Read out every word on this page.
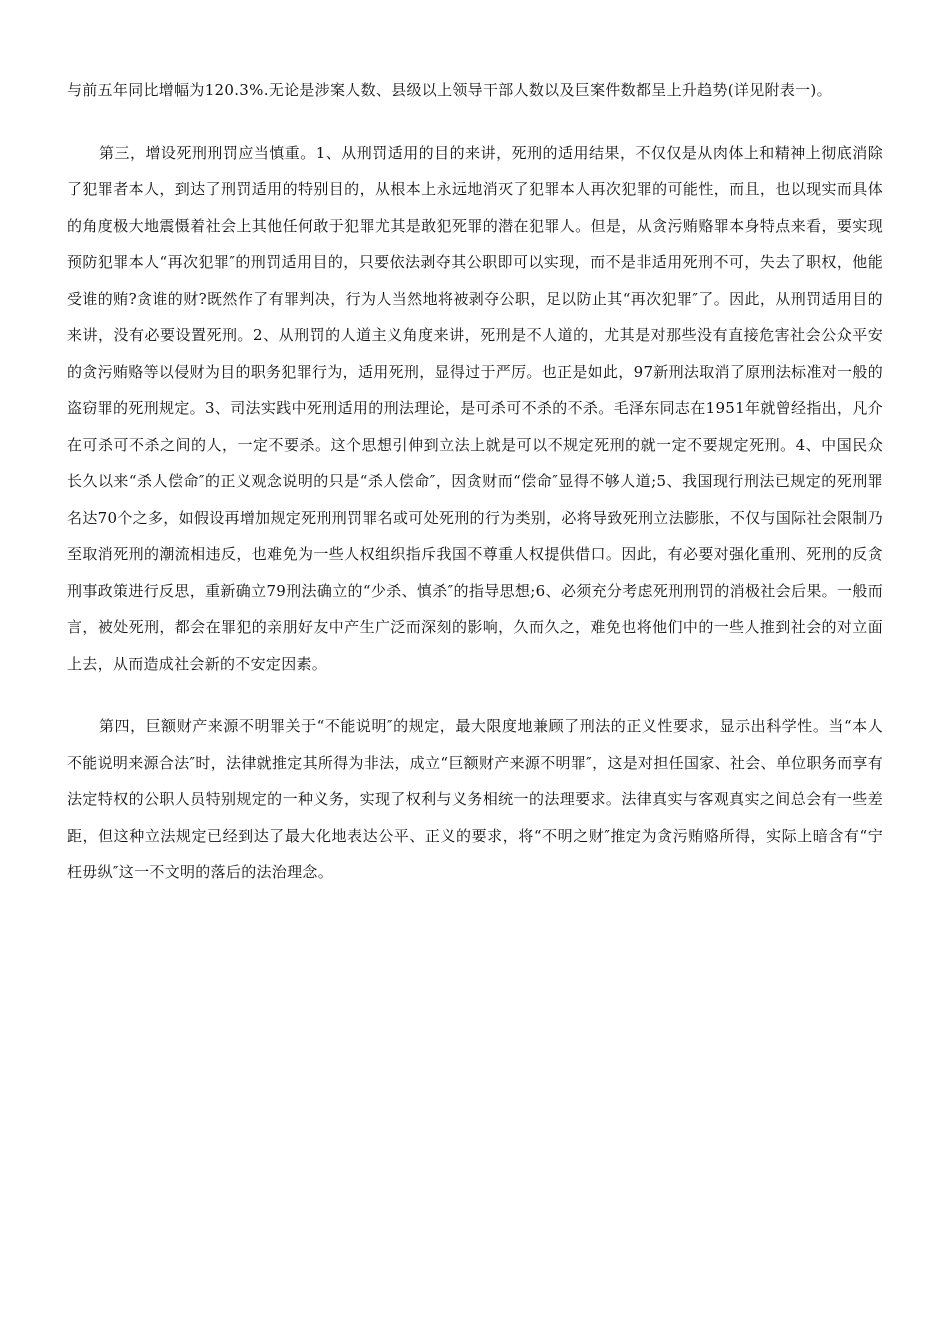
与前五年同比增幅为120.3%.无论是涉案人数、县级以上领导干部人数以及巨案件数都呈上升趋势(详见附表一)。

第三，增设死刑刑罚应当慎重。1、从刑罚适用的目的来讲，死刑的适用结果，不仅仅是从肉体上和精神上彻底消除了犯罪者本人，到达了刑罚适用的特别目的，从根本上永远地消灭了犯罪本人再次犯罪的可能性，而且，也以现实而具体的角度极大地震慑着社会上其他任何敢于犯罪尤其是敢犯死罪的潜在犯罪人。但是，从贪污贿赂罪本身特点来看，要实现预防犯罪本人“再次犯罪″的刑罚适用目的，只要依法剥夺其公职即可以实现，而不是非适用死刑不可，失去了职权，他能受谁的贿?贪谁的财?既然作了有罪判决，行为人当然地将被剥夺公职，足以防止其“再次犯罪″了。因此，从刑罚适用目的来讲，没有必要设置死刑。2、从刑罚的人道主义角度来讲，死刑是不人道的，尤其是对那些没有直接危害社会公众平安的贪污贿赂等以侵财为目的职务犯罪行为，适用死刑，显得过于严厉。也正是如此，97新刑法取消了原刑法标准对一般的盗窃罪的死刑规定。3、司法实践中死刑适用的刑法理论，是可杀可不杀的不杀。毛泽东同志在1951年就曾经指出，凡介在可杀可不杀之间的人，一定不要杀。这个思想引伸到立法上就是可以不规定死刑的就一定不要规定死刑。4、中国民众长久以来“杀人偿命″的正义观念说明的只是“杀人偿命″，因贪财而“偿命″显得不够人道;5、我国现行刑法已规定的死刑罪名达70个之多，如假设再增加规定死刑刑罚罪名或可处死刑的行为类别，必将导致死刑立法膨胀，不仅与国际社会限制乃至取消死刑的潮流相违反，也难免为一些人权组织指斥我国不尊重人权提供借口。因此，有必要对强化重刑、死刑的反贪刑事政策进行反思，重新确立79刑法确立的“少杀、慎杀″的指导思想;6、必须充分考虑死刑刑罚的消极社会后果。一般而言，被处死刑，都会在罪犯的亲朋好友中产生广泛而深刻的影响，久而久之，难免也将他们中的一些人推到社会的对立面上去，从而造成社会新的不安定因素。

第四，巨额财产来源不明罪关于“不能说明″的规定，最大限度地兼顾了刑法的正义性要求，显示出科学性。当“本人不能说明来源合法″时，法律就推定其所得为非法，成立“巨额财产来源不明罪″，这是对担任国家、社会、单位职务而享有法定特权的公职人员特别规定的一种义务，实现了权利与义务相统一的法理要求。法律真实与客观真实之间总会有一些差距，但这种立法规定已经到达了最大化地表达公平、正义的要求，将“不明之财″推定为贪污贿赂所得，实际上暗含有“宁枉毋纵″这一不文明的落后的法治理念。
